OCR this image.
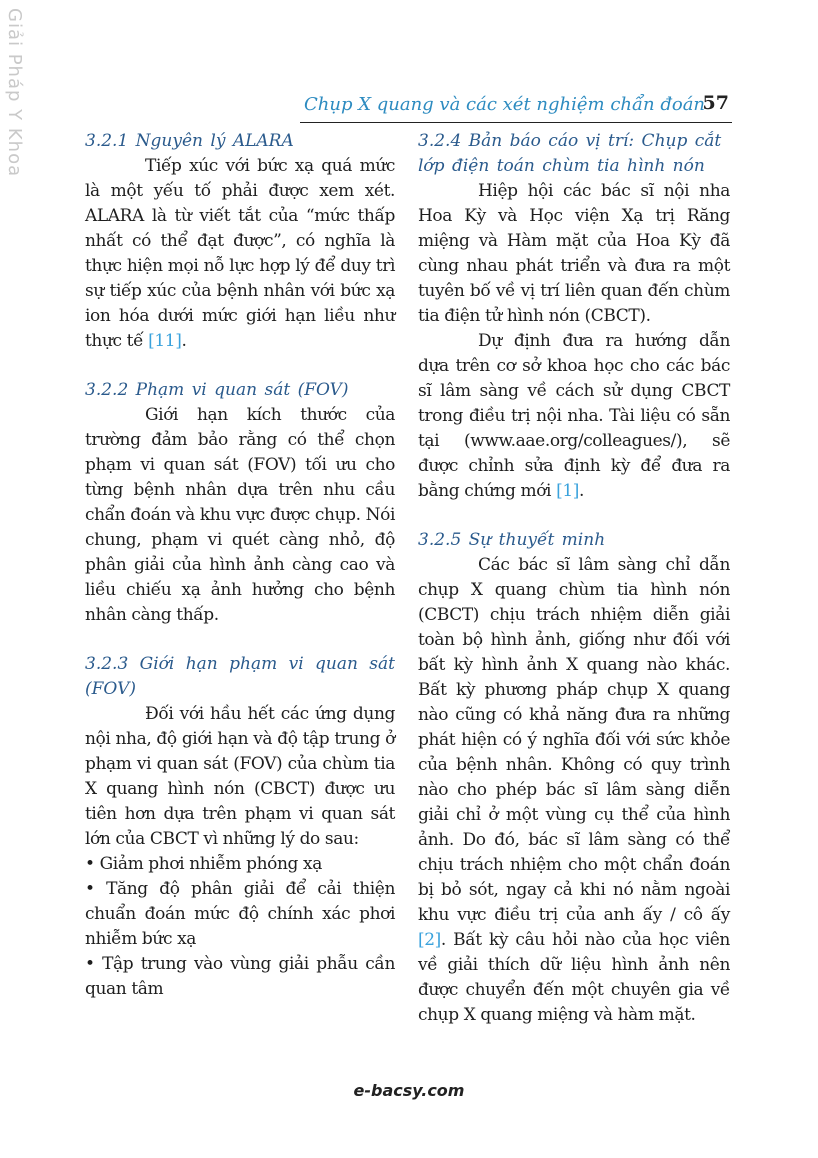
Giải Pháp Y Khoa	Chụp X quang và các xét nghiệm chẩn đoán
57
3.2.1 Nguyên lý ALARA

Tiếp xúc với bức xạ quá mức là một yếu tố phải được xem xét. ALARA là từ viết tắt của “mức thấp nhất có thể đạt được”, có nghĩa là thực hiện mọi nỗ lực hợp lý để duy trì sự tiếp xúc của bệnh nhân với bức xạ ion hóa dưới mức giới hạn liều như thực tế [11].

3.2.2 Phạm vi quan sát (FOV)

Giới hạn kích thước của trường đảm bảo rằng có thể chọn phạm vi quan sát (FOV) tối ưu cho từng bệnh nhân dựa trên nhu cầu chẩn đoán và khu vực được chụp. Nói chung, phạm vi quét càng nhỏ, độ phân giải của hình ảnh càng cao và liều chiếu xạ ảnh hưởng cho bệnh nhân càng thấp.

3.2.3 Giới hạn phạm vi quan sát (FOV)

Đối với hầu hết các ứng dụng nội nha, độ giới hạn và độ tập trung ở phạm vi quan sát (FOV) của chùm tia X quang hình nón (CBCT) được ưu tiên hơn dựa trên phạm vi quan sát lớn của CBCT vì những lý do sau:

• Giảm phơi nhiễm phóng xạ

• Tăng độ phân giải để cải thiện chuẩn đoán mức độ chính xác phơi nhiễm bức xạ

• Tập trung vào vùng giải phẫu cần quan tâm

3.2.4 Bản báo cáo vị trí: Chụp cắt lớp điện toán chùm tia hình nón

Hiệp hội các bác sĩ nội nha Hoa Kỳ và Học viện Xạ trị Răng miệng và Hàm mặt của Hoa Kỳ đã cùng nhau phát triển và đưa ra một tuyên bố về vị trí liên quan đến chùm tia điện tử hình nón (CBCT).

Dự định đưa ra hướng dẫn dựa trên cơ sở khoa học cho các bác sĩ lâm sàng về cách sử dụng CBCT trong điều trị nội nha. Tài liệu có sẵn tại (www.aae.org/colleagues/), sẽ được chỉnh sửa định kỳ để đưa ra bằng chứng mới [1].

3.2.5 Sự thuyết minh

Các bác sĩ lâm sàng chỉ dẫn chụp X quang chùm tia hình nón (CBCT) chịu trách nhiệm diễn giải toàn bộ hình ảnh, giống như đối với bất kỳ hình ảnh X quang nào khác. Bất kỳ phương pháp chụp X quang nào cũng có khả năng đưa ra những phát hiện có ý nghĩa đối với sức khỏe của bệnh nhân. Không có quy trình nào cho phép bác sĩ lâm sàng diễn giải chỉ ở một vùng cụ thể của hình ảnh. Do đó, bác sĩ lâm sàng có thể chịu trách nhiệm cho một chẩn đoán bị bỏ sót, ngay cả khi nó nằm ngoài khu vực điều trị của anh ấy / cô ấy [2]. Bất kỳ câu hỏi nào của học viên về giải thích dữ liệu hình ảnh nên được chuyển đến một chuyên gia về chụp X quang miệng và hàm mặt.

e-bacsy.com
